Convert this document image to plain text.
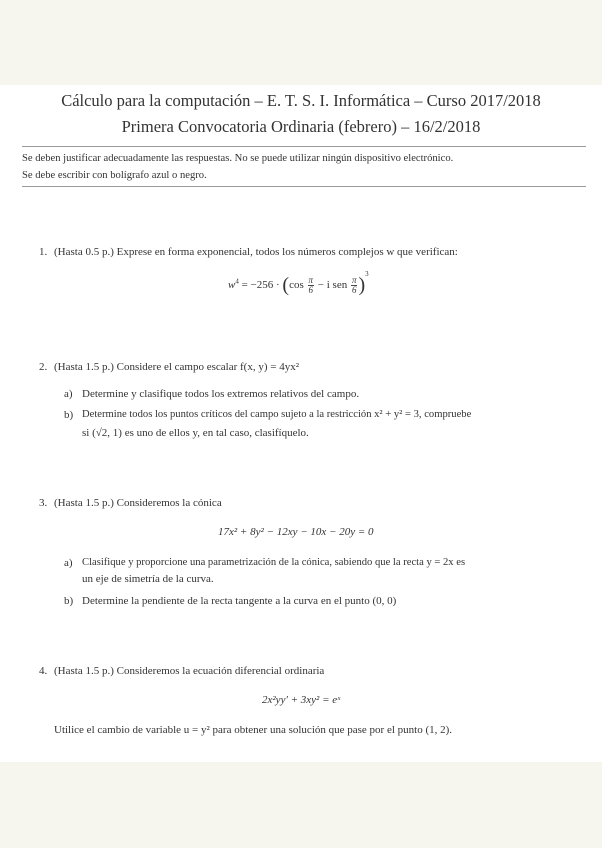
Cálculo para la computación – E. T. S. I. Informática – Curso 2017/2018
Primera Convocatoria Ordinaria (febrero) – 16/2/2018
Se deben justificar adecuadamente las respuestas. No se puede utilizar ningún dispositivo electrónico.
Se debe escribir con bolígrafo azul o negro.
1. (Hasta 0.5 p.) Exprese en forma exponencial, todos los números complejos w que verifican:
$w^4 = -256 \cdot (\cos \frac{\pi}{6} - i$ sen $\frac{\pi}{6} )^3$
2. (Hasta 1.5 p.) Considere el campo escalar f(x, y) = 4yx²
a) Determine y clasifique todos los extremos relativos del campo.
b) Determine todos los puntos críticos del campo sujeto a la restricción x² + y² = 3, compruebe
si (√2, 1) es uno de ellos y, en tal caso, clasifíquelo.
3. (Hasta 1.5 p.) Consideremos la cónica
17x² + 8y² − 12xy − 10x − 20y = 0
a) Clasifique y proporcione una parametrización de la cónica, sabiendo que la recta y = 2x es
un eje de simetría de la curva.
b) Determine la pendiente de la recta tangente a la curva en el punto (0, 0)
4. (Hasta 1.5 p.) Consideremos la ecuación diferencial ordinaria
2x²yy′ + 3xy² = eˣ
Utilice el cambio de variable u = y² para obtener una solución que pase por el punto (1, 2).
